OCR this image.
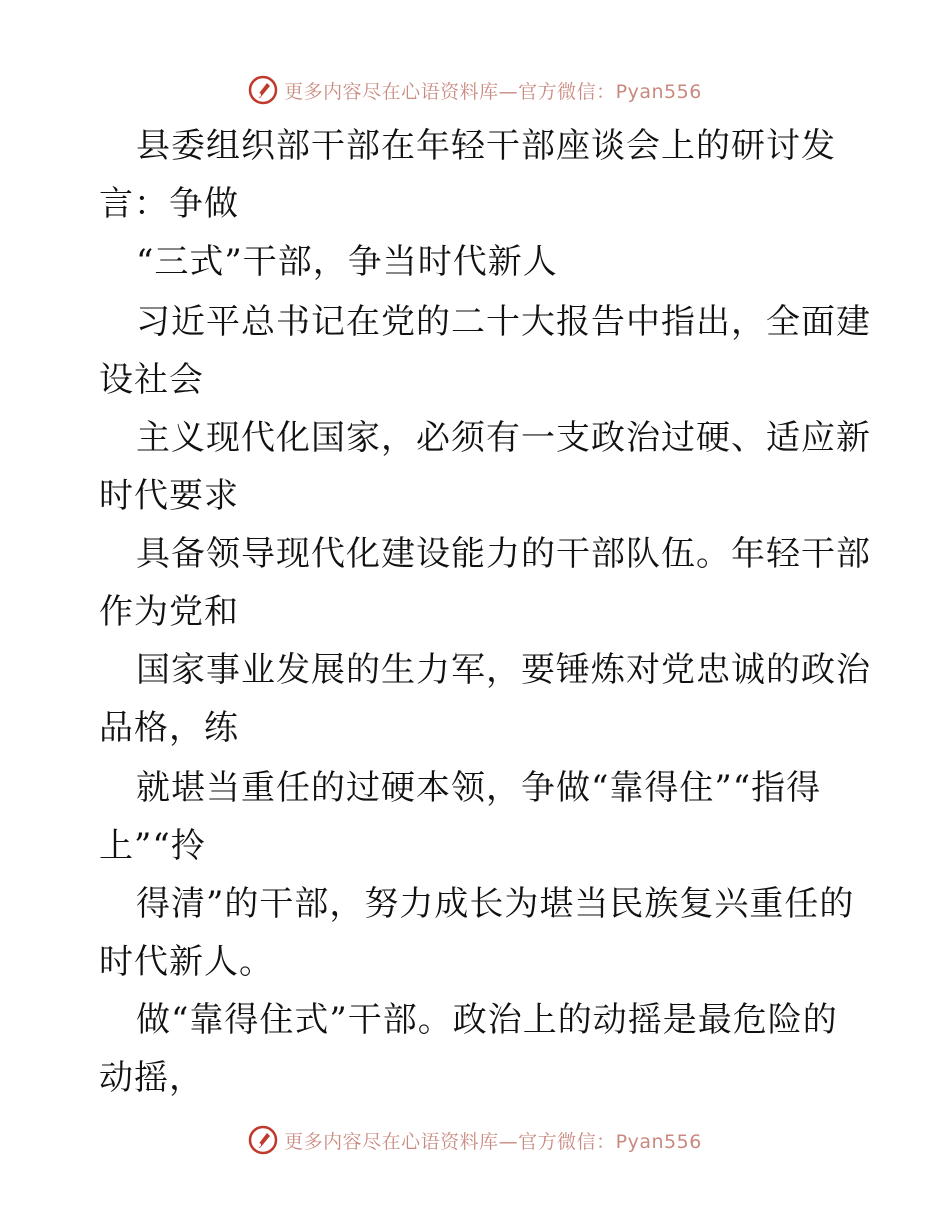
更多内容尽在心语资料库—官方微信：Pyan556
县委组织部干部在年轻干部座谈会上的研讨发
言：争做
“三式”干部，争当时代新人
习近平总书记在党的二十大报告中指出，全面建
设社会
主义现代化国家，必须有一支政治过硬、适应新
时代要求
具备领导现代化建设能力的干部队伍。年轻干部
作为党和
国家事业发展的生力军，要锤炼对党忠诚的政治
品格，练
就堪当重任的过硬本领，争做“靠得住”“指得
上”“拎
得清”的干部，努力成长为堪当民族复兴重任的
时代新人。
做“靠得住式”干部。政治上的动摇是最危险的
动摇，
更多内容尽在心语资料库—官方微信：Pyan556
